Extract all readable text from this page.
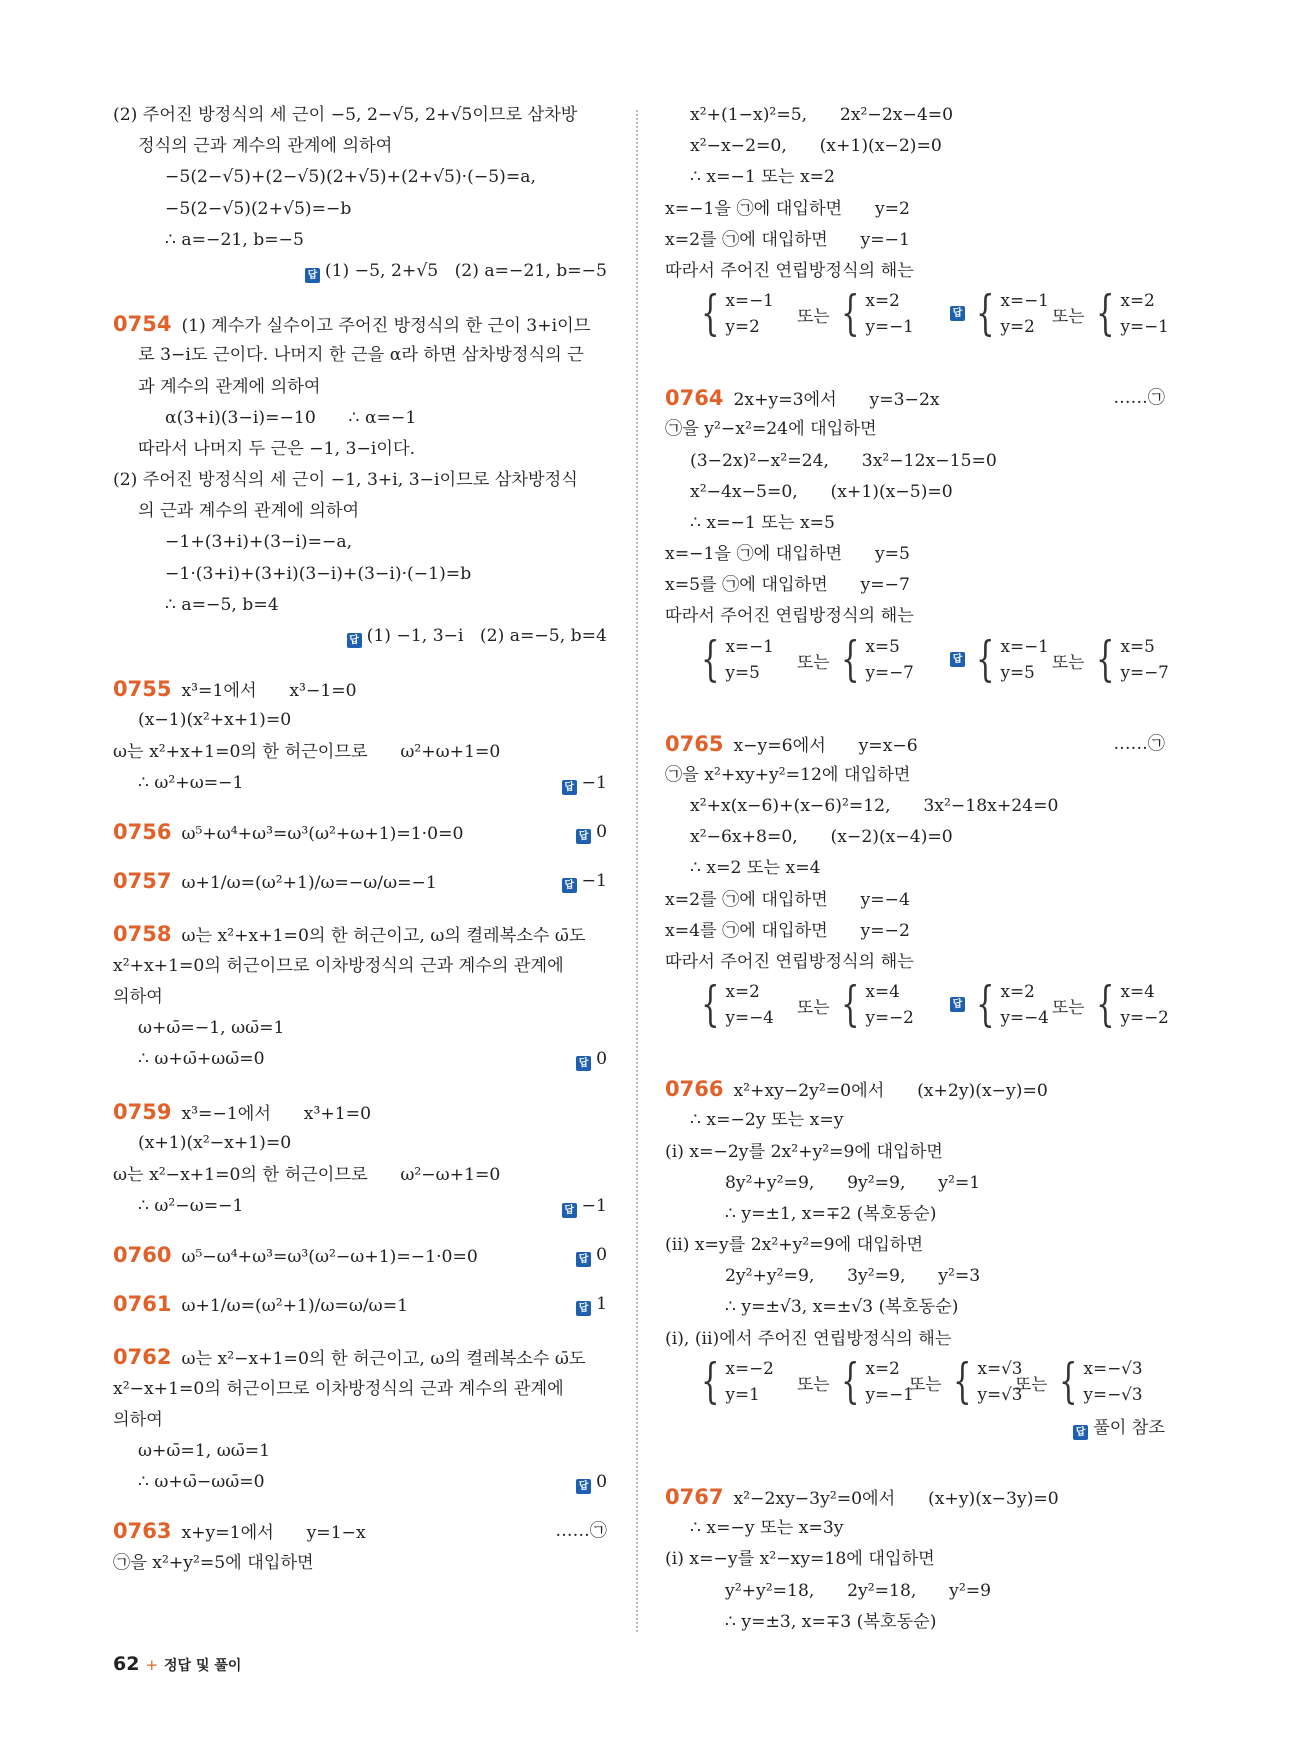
(2) 주어진 방정식의 세 근이 −5, 2−√5, 2+√5이므로 삼차방
정식의 근과 계수의 관계에 의하여
−5(2−√5)+(2−√5)(2+√5)+(2+√5)·(−5)=a,
−5(2−√5)(2+√5)=−b
∴ a=−21, b=−5
답 (1) −5, 2+√5   (2) a=−21, b=−5
0754 (1) 계수가 실수이고 주어진 방정식의 한 근이 3+i이므
로 3−i도 근이다. 나머지 한 근을 α라 하면 삼차방정식의 근
과 계수의 관계에 의하여
α(3+i)(3−i)=−10      ∴ α=−1
따라서 나머지 두 근은 −1, 3−i이다.
(2) 주어진 방정식의 세 근이 −1, 3+i, 3−i이므로 삼차방정식
의 근과 계수의 관계에 의하여
−1+(3+i)+(3−i)=−a,
−1·(3+i)+(3+i)(3−i)+(3−i)·(−1)=b
∴ a=−5, b=4
답 (1) −1, 3−i   (2) a=−5, b=4
0755 x³=1에서      x³−1=0
(x−1)(x²+x+1)=0
ω는 x²+x+1=0의 한 허근이므로      ω²+ω+1=0
∴ ω²+ω=−1	답 −1
0756 ω⁵+ω⁴+ω³=ω³(ω²+ω+1)=1·0=0	답 0
0757 ω+1/ω=(ω²+1)/ω=−ω/ω=−1	답 −1
0758 ω는 x²+x+1=0의 한 허근이고, ω의 켤레복소수 ω̄도
x²+x+1=0의 허근이므로 이차방정식의 근과 계수의 관계에
의하여
ω+ω̄=−1, ωω̄=1
∴ ω+ω̄+ωω̄=0	답 0
0759 x³=−1에서      x³+1=0
(x+1)(x²−x+1)=0
ω는 x²−x+1=0의 한 허근이므로      ω²−ω+1=0
∴ ω²−ω=−1	답 −1
0760 ω⁵−ω⁴+ω³=ω³(ω²−ω+1)=−1·0=0	답 0
0761 ω+1/ω=(ω²+1)/ω=ω/ω=1	답 1
0762 ω는 x²−x+1=0의 한 허근이고, ω의 켤레복소수 ω̄도
x²−x+1=0의 허근이므로 이차방정식의 근과 계수의 관계에
의하여
ω+ω̄=1, ωω̄=1
∴ ω+ω̄−ωω̄=0	답 0
0763 x+y=1에서      y=1−x	……㉠
㉠을 x²+y²=5에 대입하면
x²+(1−x)²=5,      2x²−2x−4=0
x²−x−2=0,      (x+1)(x−2)=0
∴ x=−1 또는 x=2
x=−1을 ㉠에 대입하면      y=2
x=2를 ㉠에 대입하면      y=−1
따라서 주어진 연립방정식의 해는
{ x=−1
y=2	또는 { x=2
y=−1
답 { x=−1
y=2	또는 { x=2
y=−1
0764 2x+y=3에서      y=3−2x	……㉠
㉠을 y²−x²=24에 대입하면
(3−2x)²−x²=24,      3x²−12x−15=0
x²−4x−5=0,      (x+1)(x−5)=0
∴ x=−1 또는 x=5
x=−1을 ㉠에 대입하면      y=5
x=5를 ㉠에 대입하면      y=−7
따라서 주어진 연립방정식의 해는
{ x=−1
y=5	또는 { x=5
y=−7
답 { x=−1
y=5	또는 { x=5
y=−7
0765 x−y=6에서      y=x−6	……㉠
㉠을 x²+xy+y²=12에 대입하면
x²+x(x−6)+(x−6)²=12,      3x²−18x+24=0
x²−6x+8=0,      (x−2)(x−4)=0
∴ x=2 또는 x=4
x=2를 ㉠에 대입하면      y=−4
x=4를 ㉠에 대입하면      y=−2
따라서 주어진 연립방정식의 해는
{ x=2
y=−4 또는 { x=4
y=−2
답 { x=2
y=−4 또는 { x=4
y=−2
0766 x²+xy−2y²=0에서      (x+2y)(x−y)=0
∴ x=−2y 또는 x=y
(ⅰ) x=−2y를 2x²+y²=9에 대입하면
8y²+y²=9,      9y²=9,      y²=1
∴ y=±1, x=∓2 (복호동순)
(ⅱ) x=y를 2x²+y²=9에 대입하면
2y²+y²=9,      3y²=9,      y²=3
∴ y=±√3, x=±√3 (복호동순)
(ⅰ), (ⅱ)에서 주어진 연립방정식의 해는
{ x=−2
y=1	또는 { x=2
y=−1
또는 { x=√3
y=√3
또는 { x=−√3
y=−√3
답 풀이 참조
0767 x²−2xy−3y²=0에서      (x+y)(x−3y)=0
∴ x=−y 또는 x=3y
(ⅰ) x=−y를 x²−xy=18에 대입하면
y²+y²=18,      2y²=18,      y²=9
∴ y=±3, x=∓3 (복호동순)
62 + 정답 및 풀이
